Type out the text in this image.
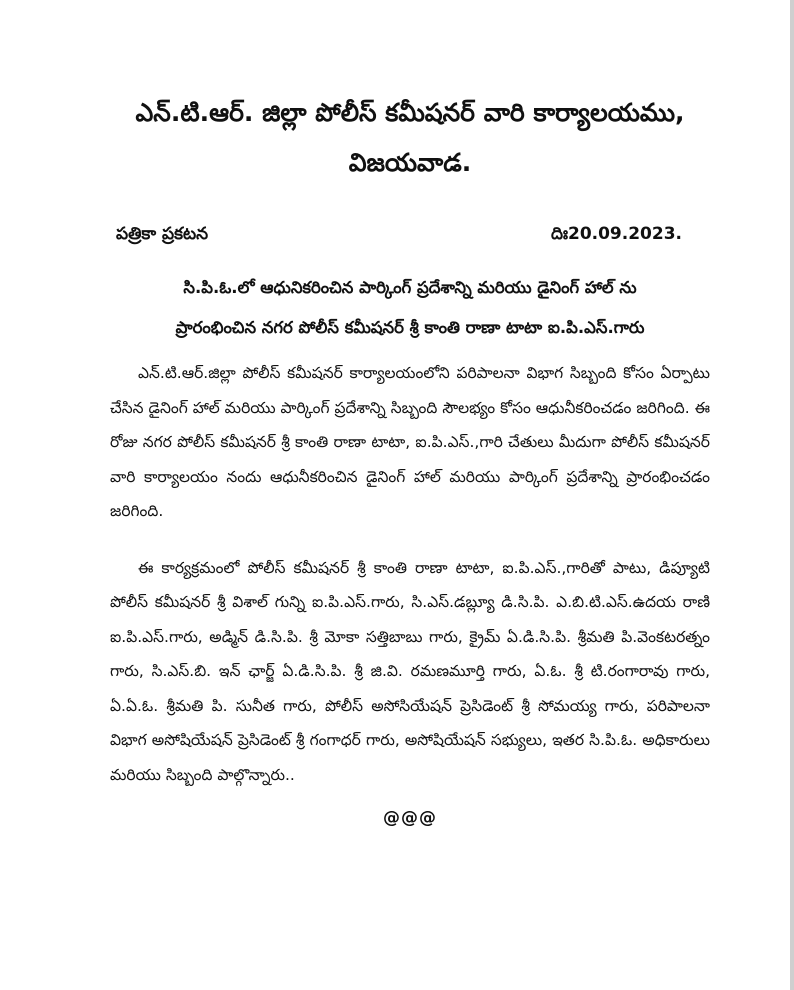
ఎన్.టి.ఆర్. జిల్లా పోలీస్ కమీషనర్ వారి కార్యాలయము,
విజయవాడ.
పత్రికా ప్రకటన	దిః20.09.2023.
సి.పి.ఓ.లో ఆధునికరించిన పార్కింగ్ ప్రదేశాన్ని మరియు డైనింగ్ హాల్ ను
ప్రారంభించిన నగర పోలీస్ కమీషనర్ శ్రీ కాంతి రాణా టాటా ఐ.పి.ఎస్.గారు

ఎన్.టి.ఆర్.జిల్లా పోలీస్ కమీషనర్ కార్యాలయంలోని పరిపాలనా విభాగ సిబ్బంది కోసం ఏర్పాటు చేసిన డైనింగ్ హాల్ మరియు పార్కింగ్ ప్రదేశాన్ని సిబ్బంది సౌలభ్యం కోసం ఆధునీకరించడం జరిగింది. ఈ రోజు నగర పోలీస్ కమీషనర్ శ్రీ కాంతి రాణా టాటా, ఐ.పి.ఎస్.,గారి చేతులు మీదుగా పోలీస్ కమీషనర్ వారి కార్యాలయం నందు ఆధునీకరించిన డైనింగ్ హాల్ మరియు పార్కింగ్ ప్రదేశాన్ని ప్రారంభించడం జరిగింది.

ఈ కార్యక్రమంలో పోలీస్ కమీషనర్ శ్రీ కాంతి రాణా టాటా, ఐ.పి.ఎస్.,గారితో పాటు, డిప్యూటి పోలీస్ కమీషనర్ శ్రీ విశాల్ గున్ని ఐ.పి.ఎస్.గారు, సి.ఎస్.డబ్ల్యూ డి.సి.పి. ఎ.బి.టి.ఎస్.ఉదయ రాణి ఐ.పి.ఎస్.గారు, అడ్మిన్ డి.సి.పి. శ్రీ మోకా సత్తిబాబు గారు, క్రైమ్ ఏ.డి.సి.పి. శ్రీమతి పి.వెంకటరత్నం గారు, సి.ఎస్.బి. ఇన్ ఛార్జ్ ఏ.డి.సి.పి. శ్రీ జి.వి. రమణమూర్తి గారు, ఏ.ఓ. శ్రీ టి.రంగారావు గారు, ఏ.ఏ.ఓ. శ్రీమతి పి. సునీత గారు, పోలీస్ అసోసియేషన్ ప్రెసిడెంట్ శ్రీ సోమయ్య గారు, పరిపాలనా విభాగ అసోషియేషన్ ప్రెసిడెంట్ శ్రీ గంగాధర్ గారు, అసోషియేషన్ సభ్యులు, ఇతర సి.పి.ఓ. అధికారులు మరియు సిబ్బంది పాల్గొన్నారు..

@@@
